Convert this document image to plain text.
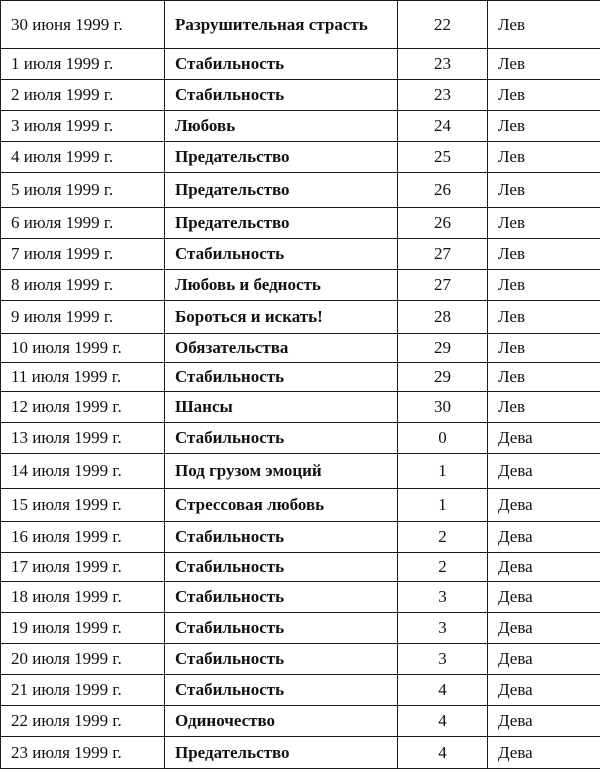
30 июня 1999 г.	Разрушительная страсть	22	Лев
1 июля 1999 г.	Стабильность	23	Лев
2 июля 1999 г.	Стабильность	23	Лев
3 июля 1999 г.	Любовь	24	Лев
4 июля 1999 г.	Предательство	25	Лев
5 июля 1999 г.	Предательство	26	Лев
6 июля 1999 г.	Предательство	26	Лев
7 июля 1999 г.	Стабильность	27	Лев
8 июля 1999 г.	Любовь и бедность	27	Лев
9 июля 1999 г.	Бороться и искать!	28	Лев
10 июля 1999 г.	Обязательства	29	Лев
11 июля 1999 г.	Стабильность	29	Лев
12 июля 1999 г.	Шансы	30	Лев
13 июля 1999 г.	Стабильность	0	Дева
14 июля 1999 г.	Под грузом эмоций	1	Дева
15 июля 1999 г.	Стрессовая любовь	1	Дева
16 июля 1999 г.	Стабильность	2	Дева
17 июля 1999 г.	Стабильность	2	Дева
18 июля 1999 г.	Стабильность	3	Дева
19 июля 1999 г.	Стабильность	3	Дева
20 июля 1999 г.	Стабильность	3	Дева
21 июля 1999 г.	Стабильность	4	Дева
22 июля 1999 г.	Одиночество	4	Дева
23 июля 1999 г.	Предательство	4	Дева
